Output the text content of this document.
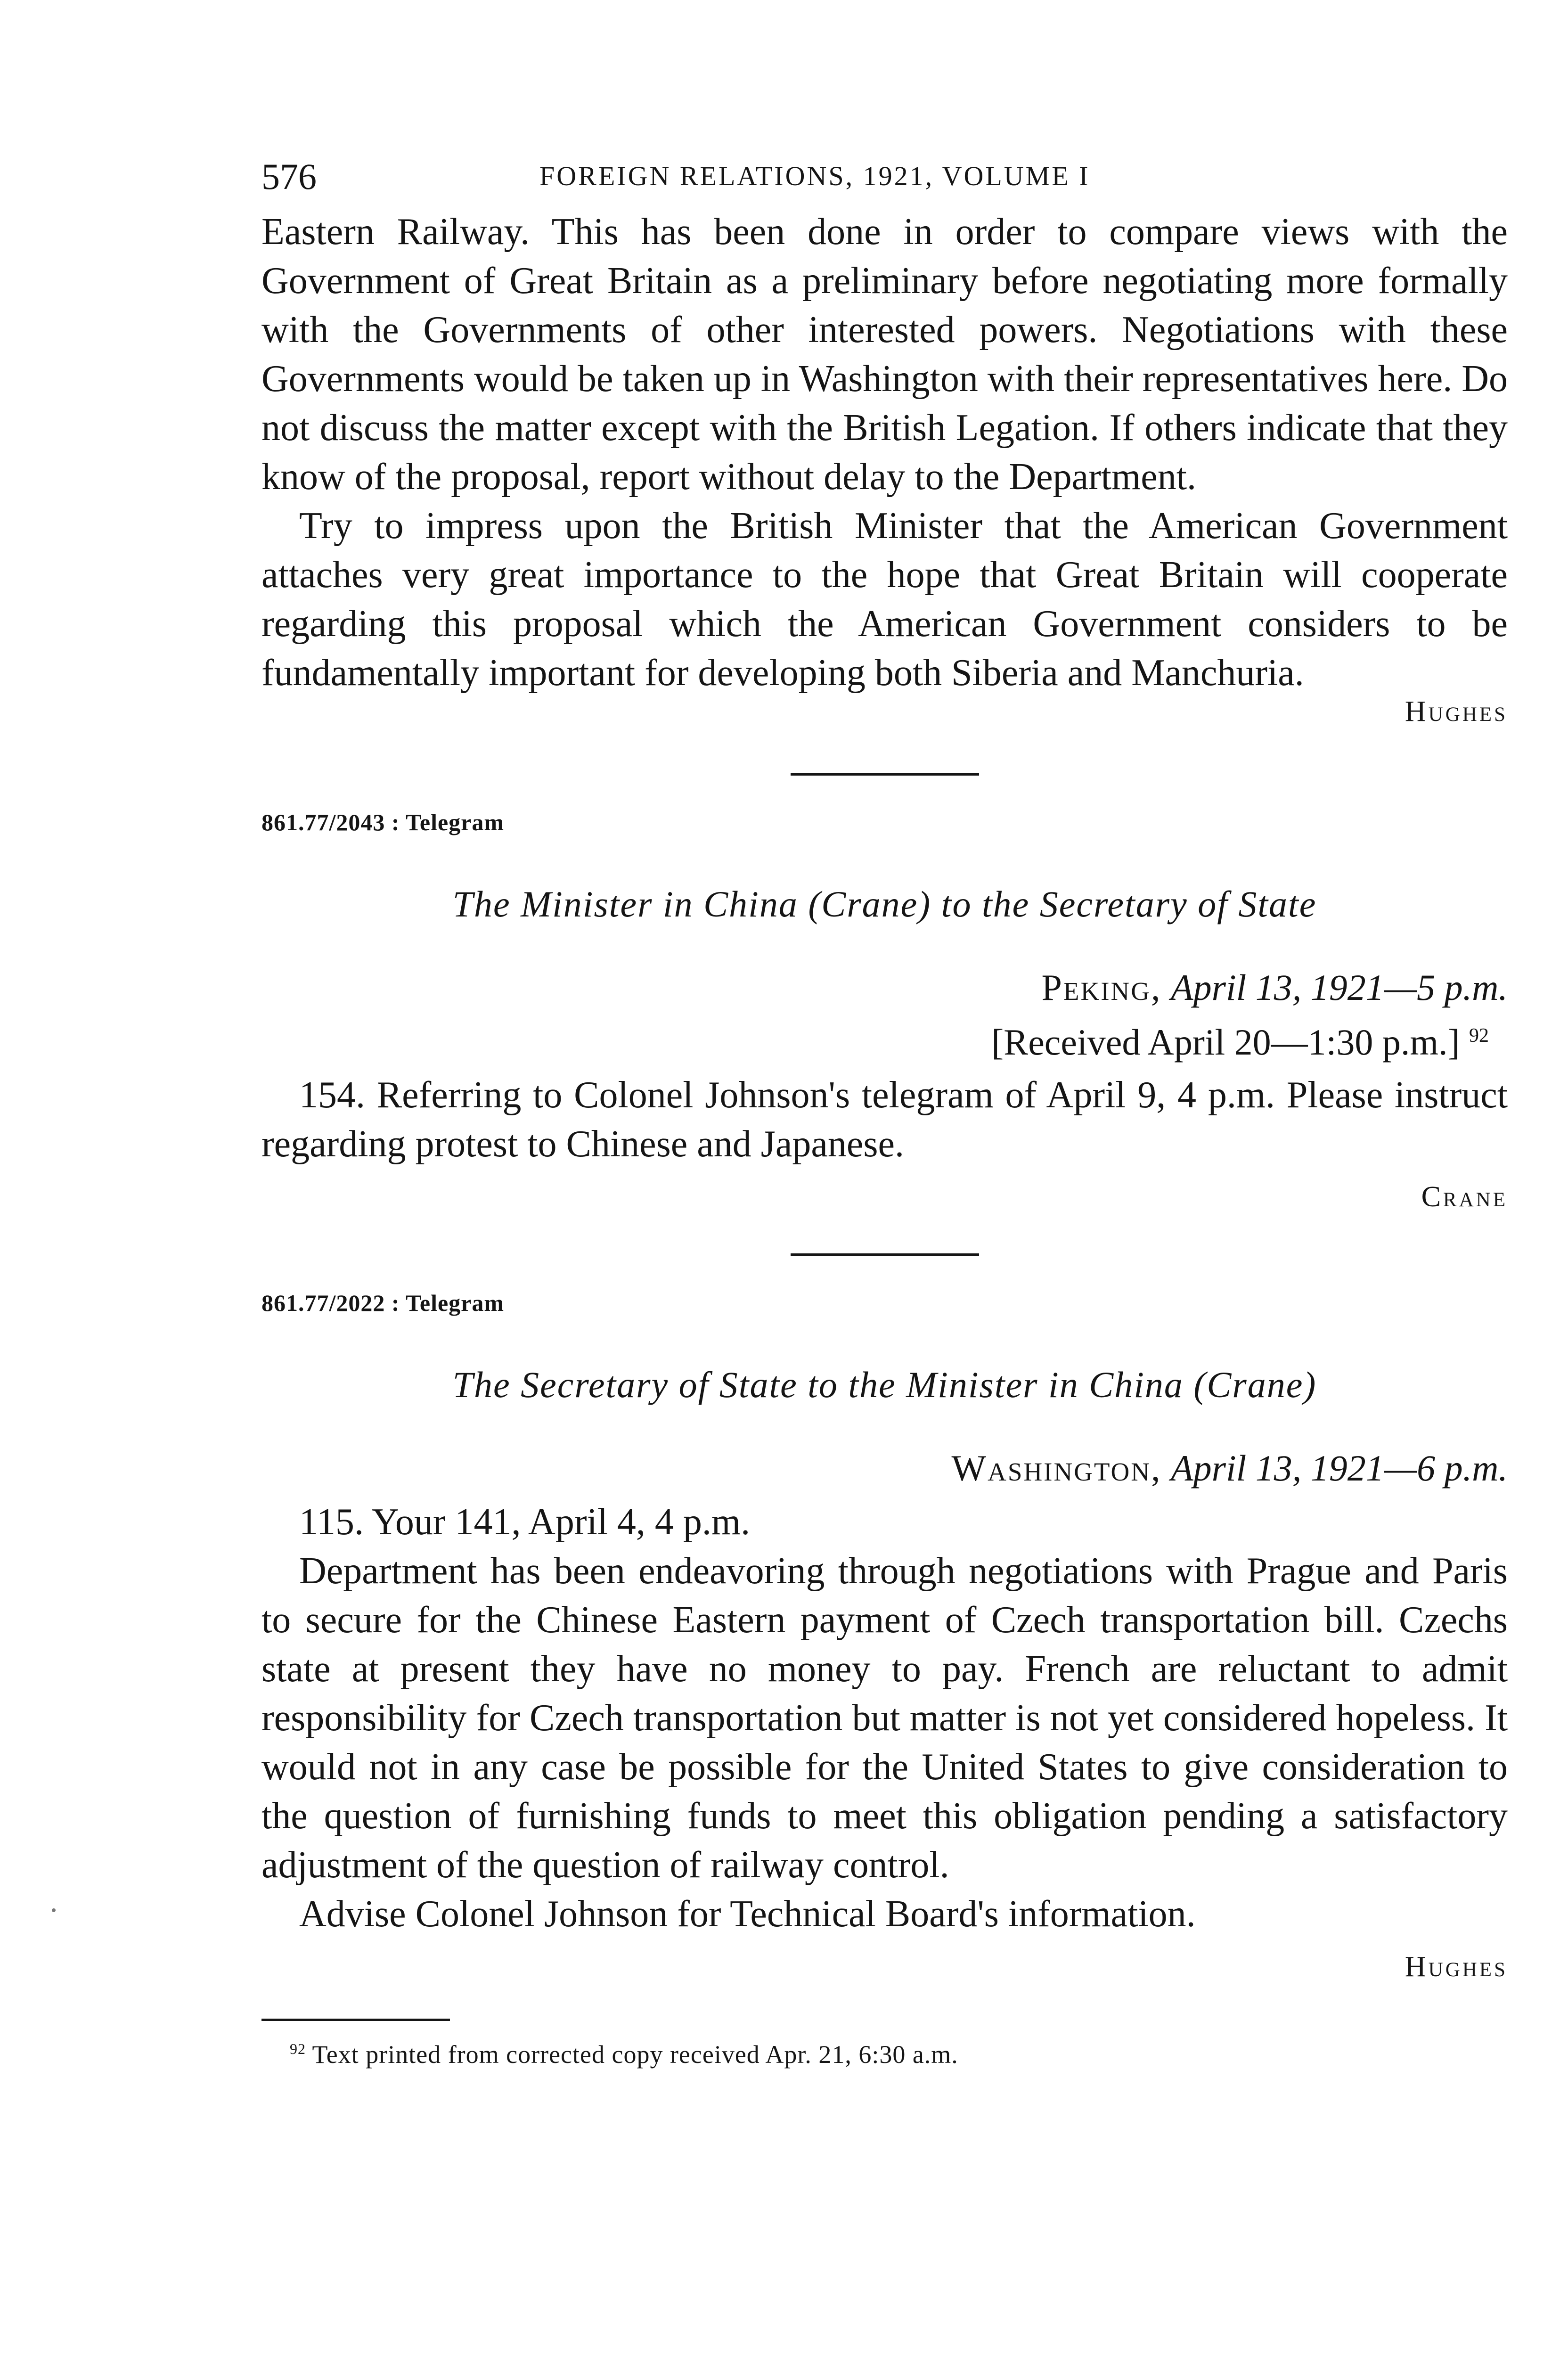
576	FOREIGN RELATIONS, 1921, VOLUME I

Eastern Railway. This has been done in order to compare views with the Government of Great Britain as a preliminary before negotiating more formally with the Governments of other interested powers. Negotiations with these Governments would be taken up in Washington with their representatives here. Do not discuss the matter except with the British Legation. If others indicate that they know of the proposal, report without delay to the Department.

Try to impress upon the British Minister that the American Government attaches very great importance to the hope that Great Britain will cooperate regarding this proposal which the American Government considers to be fundamentally important for developing both Siberia and Manchuria.

Hughes
861.77/2043 : Telegram
The Minister in China (Crane) to the Secretary of State
Peking, April 13, 1921—5 p.m.
[Received April 20—1:30 p.m.] $^{92}$

154. Referring to Colonel Johnson's telegram of April 9, 4 p.m. Please instruct regarding protest to Chinese and Japanese.

Crane
861.77/2022 : Telegram
The Secretary of State to the Minister in China (Crane)
Washington, April 13, 1921—6 p.m.

115. Your 141, April 4, 4 p.m.

Department has been endeavoring through negotiations with Prague and Paris to secure for the Chinese Eastern payment of Czech transportation bill. Czechs state at present they have no money to pay. French are reluctant to admit responsibility for Czech transportation but matter is not yet considered hopeless. It would not in any case be possible for the United States to give consideration to the question of furnishing funds to meet this obligation pending a satisfactory adjustment of the question of railway control.

Advise Colonel Johnson for Technical Board's information.

Hughes
$^{92}$ Text printed from corrected copy received Apr. 21, 6:30 a.m.
